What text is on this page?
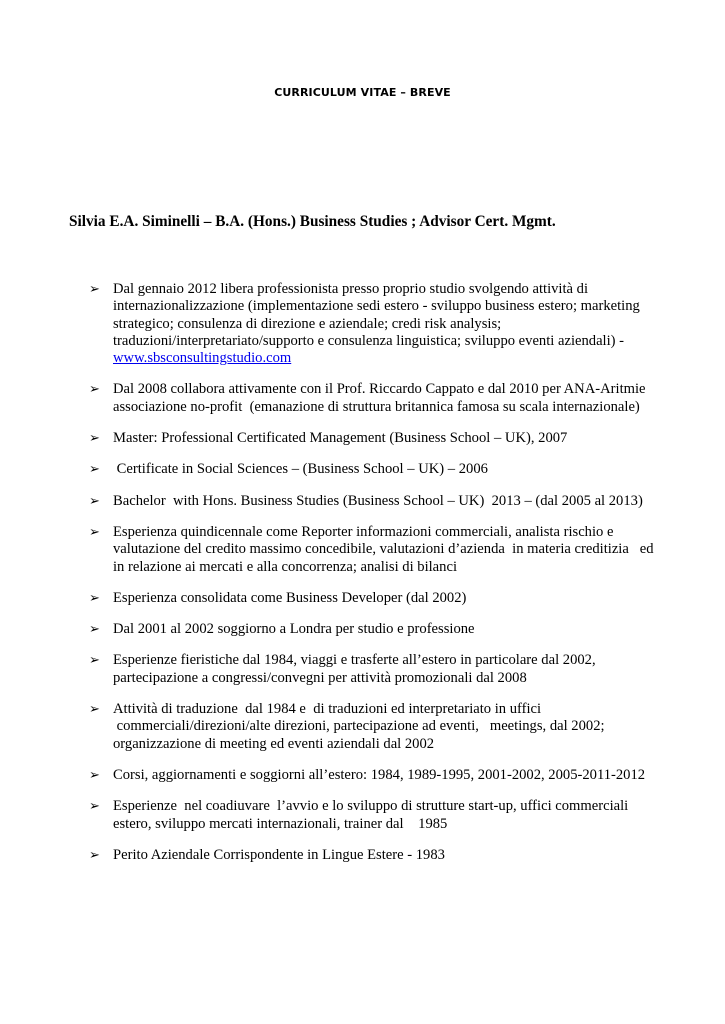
CURRICULUM VITAE – BREVE
Silvia E.A. Siminelli – B.A. (Hons.) Business Studies ; Advisor Cert. Mgmt.
➢ Dal gennaio 2012 libera professionista presso proprio studio svolgendo attività di
internazionalizzazione (implementazione sedi estero - sviluppo business estero; marketing
strategico; consulenza di direzione e aziendale; credi risk analysis;
traduzioni/interpretariato/supporto e consulenza linguistica; sviluppo eventi aziendali) -
www.sbsconsultingstudio.com
➢ Dal 2008 collabora attivamente con il Prof. Riccardo Cappato e dal 2010 per ANA-Aritmie
associazione no-profit  (emanazione di struttura britannica famosa su scala internazionale)
➢ Master: Professional Certificated Management (Business School – UK), 2007
➢ Certificate in Social Sciences – (Business School – UK) – 2006
➢ Bachelor  with Hons. Business Studies (Business School – UK)  2013 – (dal 2005 al 2013)
➢ Esperienza quindicennale come Reporter informazioni commerciali, analista rischio e
valutazione del credito massimo concedibile, valutazioni d’azienda  in materia creditizia   ed
in relazione ai mercati e alla concorrenza; analisi di bilanci
➢ Esperienza consolidata come Business Developer (dal 2002)
➢ Dal 2001 al 2002 soggiorno a Londra per studio e professione
➢ Esperienze fieristiche dal 1984, viaggi e trasferte all’estero in particolare dal 2002,
partecipazione a congressi/convegni per attività promozionali dal 2008
➢ Attività di traduzione  dal 1984 e  di traduzioni ed interpretariato in uffici
commerciali/direzioni/alte direzioni, partecipazione ad eventi,   meetings, dal 2002;
organizzazione di meeting ed eventi aziendali dal 2002
➢ Corsi, aggiornamenti e soggiorni all’estero: 1984, 1989-1995, 2001-2002, 2005-2011-2012
➢ Esperienze  nel coadiuvare  l’avvio e lo sviluppo di strutture start-up, uffici commerciali
estero, sviluppo mercati internazionali, trainer dal    1985
➢ Perito Aziendale Corrispondente in Lingue Estere - 1983
